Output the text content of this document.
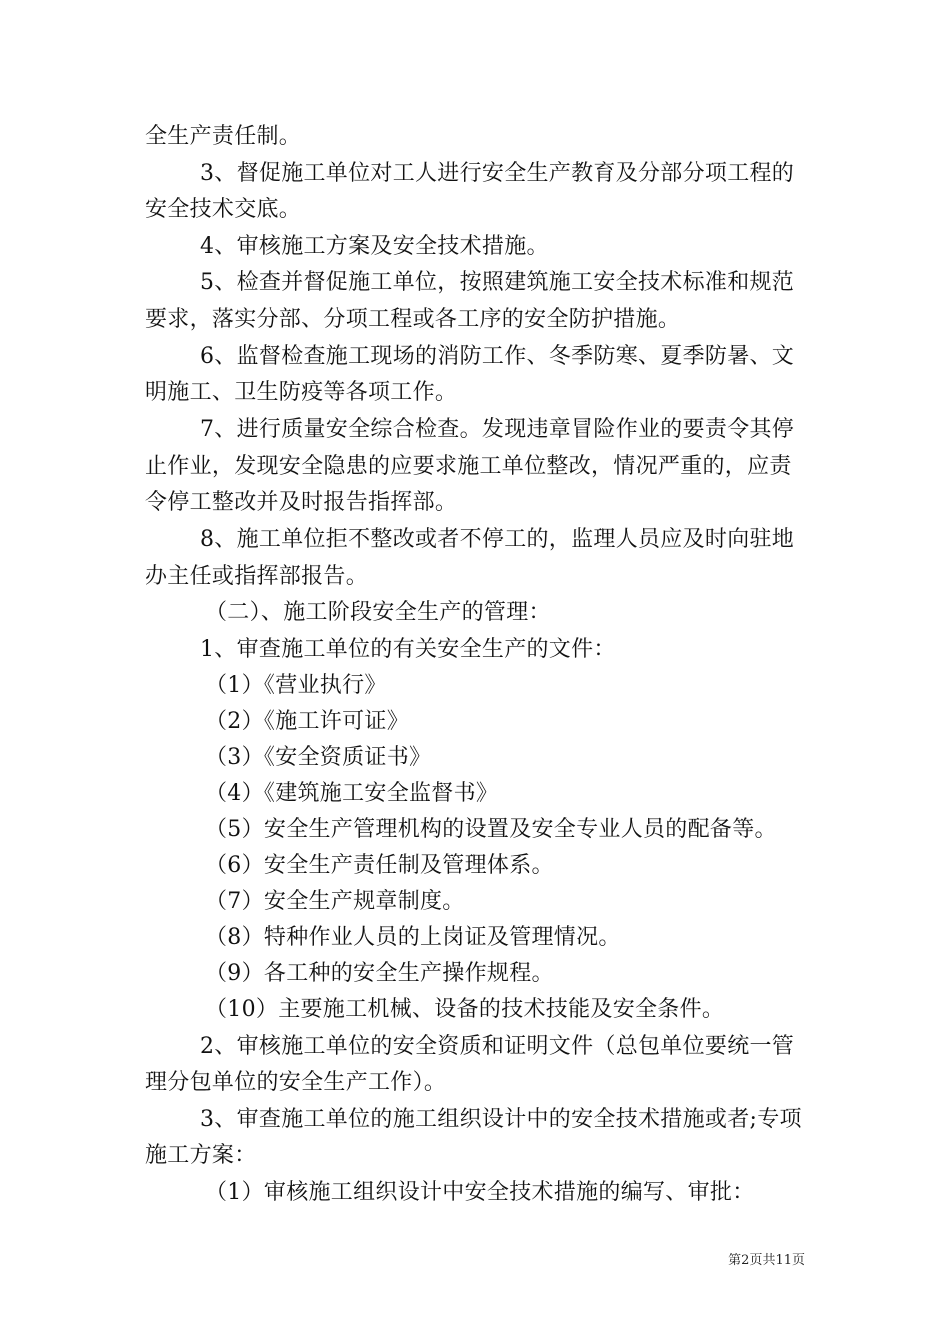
全生产责任制。
3、督促施工单位对工人进行安全生产教育及分部分项工程的
安全技术交底。
4、审核施工方案及安全技术措施。
5、检查并督促施工单位，按照建筑施工安全技术标准和规范
要求，落实分部、分项工程或各工序的安全防护措施。
6、监督检查施工现场的消防工作、冬季防寒、夏季防暑、文
明施工、卫生防疫等各项工作。
7、进行质量安全综合检查。发现违章冒险作业的要责令其停
止作业，发现安全隐患的应要求施工单位整改，情况严重的，应责
令停工整改并及时报告指挥部。
8、施工单位拒不整改或者不停工的，监理人员应及时向驻地
办主任或指挥部报告。
（二）、施工阶段安全生产的管理：
1、审查施工单位的有关安全生产的文件：
（1）《营业执行》
（2）《施工许可证》
（3）《安全资质证书》
（4）《建筑施工安全监督书》
（5）安全生产管理机构的设置及安全专业人员的配备等。
（6）安全生产责任制及管理体系。
（7）安全生产规章制度。
（8）特种作业人员的上岗证及管理情况。
（9）各工种的安全生产操作规程。
（10）主要施工机械、设备的技术技能及安全条件。
2、审核施工单位的安全资质和证明文件（总包单位要统一管
理分包单位的安全生产工作）。
3、审查施工单位的施工组织设计中的安全技术措施或者;专项
施工方案：
（1）审核施工组织设计中安全技术措施的编写、审批：
第2页共11页
